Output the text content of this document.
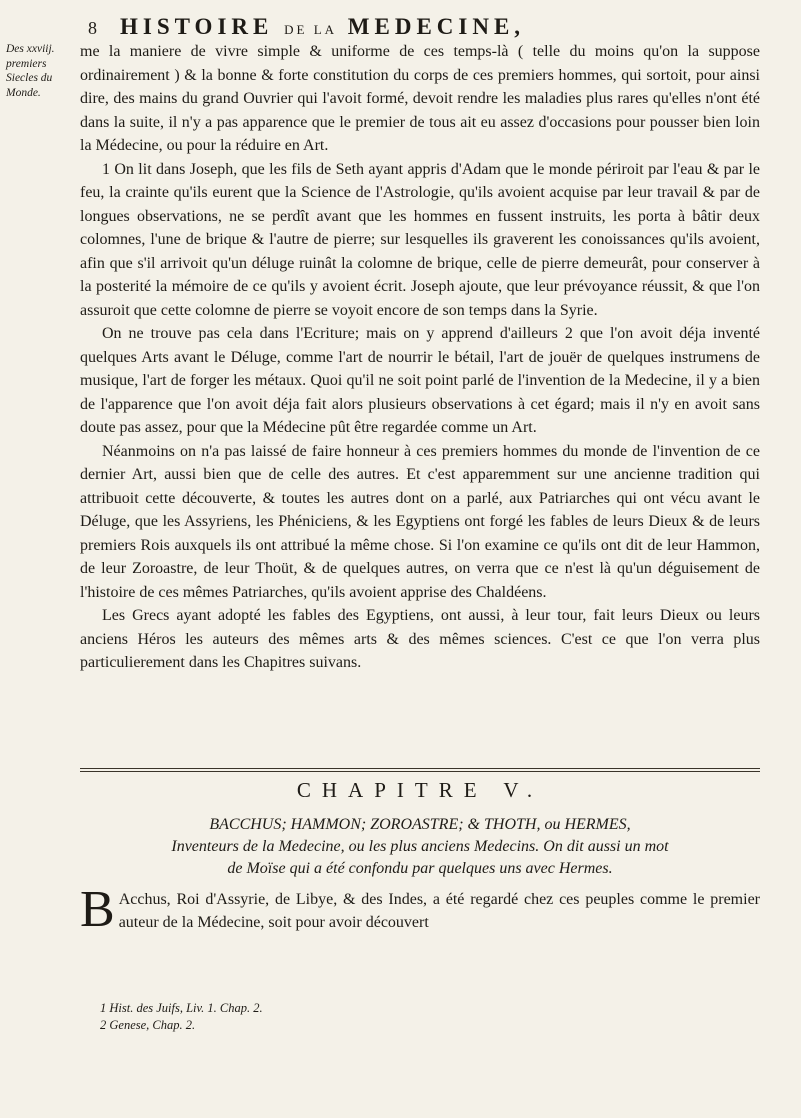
8 HISTOIRE DE LA MEDECINE,
Des xxviij. premiers Siecles du Monde.

me la maniere de vivre simple & uniforme de ces temps-là ( telle du moins qu'on la suppose ordinairement ) & la bonne & forte constitution du corps de ces premiers hommes, qui sortoit, pour ainsi dire, des mains du grand Ouvrier qui l'avoit formé, devoit rendre les maladies plus rares qu'elles n'ont été dans la suite, il n'y a pas apparence que le premier de tous ait eu assez d'occasions pour pousser bien loin la Médecine, ou pour la réduire en Art.

1 On lit dans Joseph, que les fils de Seth ayant appris d'Adam que le monde périroit par l'eau & par le feu, la crainte qu'ils eurent que la Science de l'Astrologie, qu'ils avoient acquise par leur travail & par de longues observations, ne se perdît avant que les hommes en fussent instruits, les porta à bâtir deux colomnes, l'une de brique & l'autre de pierre; sur lesquelles ils graverent les conoissances qu'ils avoient, afin que s'il arrivoit qu'un déluge ruinât la colomne de brique, celle de pierre demeurât, pour conserver à la posterité la mémoire de ce qu'ils y avoient écrit. Joseph ajoute, que leur prévoyance réussit, & que l'on assuroit que cette colomne de pierre se voyoit encore de son temps dans la Syrie.

On ne trouve pas cela dans l'Ecriture; mais on y apprend d'ailleurs 2 que l'on avoit déja inventé quelques Arts avant le Déluge, comme l'art de nourrir le bétail, l'art de jouër de quelques instrumens de musique, l'art de forger les métaux. Quoi qu'il ne soit point parlé de l'invention de la Medecine, il y a bien de l'apparence que l'on avoit déja fait alors plusieurs observations à cet égard; mais il n'y en avoit sans doute pas assez, pour que la Médecine pût être regardée comme un Art.

Néanmoins on n'a pas laissé de faire honneur à ces premiers hommes du monde de l'invention de ce dernier Art, aussi bien que de celle des autres. Et c'est apparemment sur une ancienne tradition qui attribuoit cette découverte, & toutes les autres dont on a parlé, aux Patriarches qui ont vécu avant le Déluge, que les Assyriens, les Phéniciens, & les Egyptiens ont forgé les fables de leurs Dieux & de leurs premiers Rois auxquels ils ont attribué la même chose. Si l'on examine ce qu'ils ont dit de leur Hammon, de leur Zoroastre, de leur Thoüt, & de quelques autres, on verra que ce n'est là qu'un déguisement de l'histoire de ces mêmes Patriarches, qu'ils avoient apprise des Chaldéens.

Les Grecs ayant adopté les fables des Egyptiens, ont aussi, à leur tour, fait leurs Dieux ou leurs anciens Héros les auteurs des mêmes arts & des mêmes sciences. C'est ce que l'on verra plus particulierement dans les Chapitres suivans.

CHAPITRE V.
BACCHUS; HAMMON; ZOROASTRE; & THOTH, ou HERMES,
Inventeurs de la Medecine, ou les plus anciens Medecins. On dit aussi un mot
de Moïse qui a été confondu par quelques uns avec Hermes.
B Acchus, Roi d'Assyrie, de Libye, & des Indes, a été regardé chez ces peuples comme le premier auteur de la Médecine, soit pour avoir découvert
1 Hist. des Juifs, Liv. 1. Chap. 2.
2 Genese, Chap. 2.
